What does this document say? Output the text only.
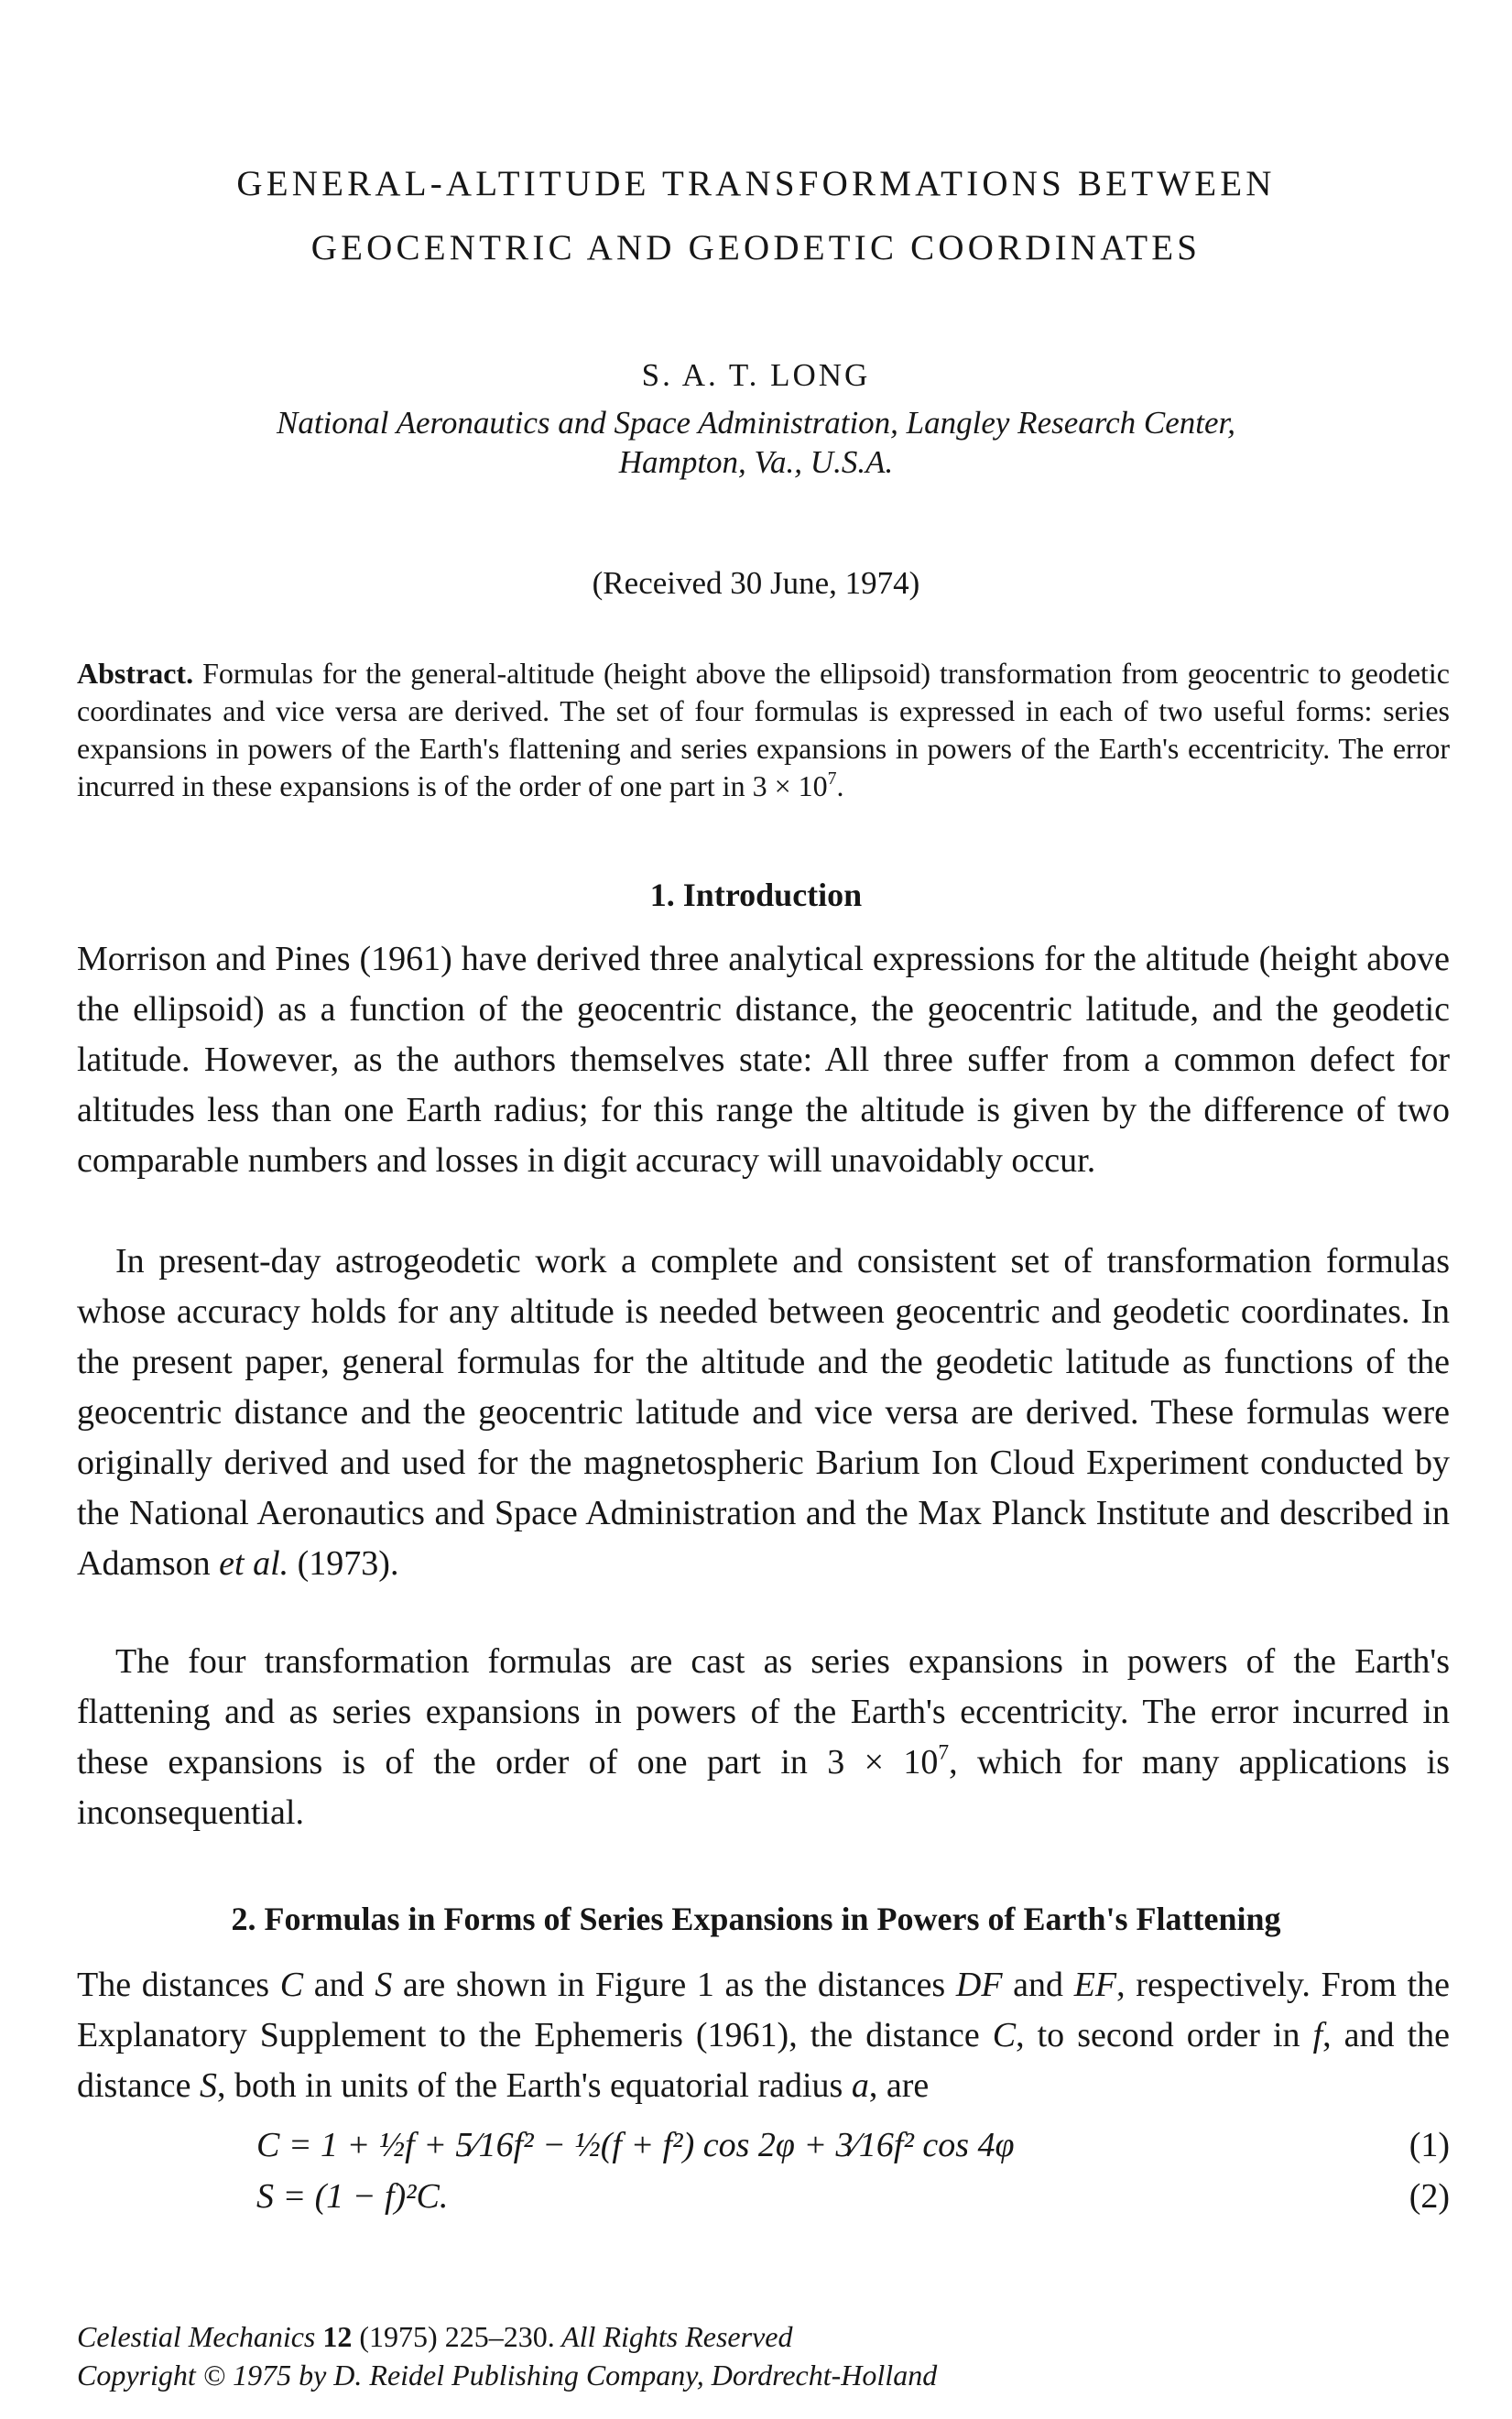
GENERAL-ALTITUDE TRANSFORMATIONS BETWEEN
GEOCENTRIC AND GEODETIC COORDINATES
S. A. T. LONG
National Aeronautics and Space Administration, Langley Research Center,
Hampton, Va., U.S.A.
(Received 30 June, 1974)

Abstract. Formulas for the general-altitude (height above the ellipsoid) transformation from geocentric to geodetic coordinates and vice versa are derived. The set of four formulas is expressed in each of two useful forms: series expansions in powers of the Earth's flattening and series expansions in powers of the Earth's eccentricity. The error incurred in these expansions is of the order of one part in $3 \times 10^7$.

1. Introduction

Morrison and Pines (1961) have derived three analytical expressions for the altitude (height above the ellipsoid) as a function of the geocentric distance, the geocentric latitude, and the geodetic latitude. However, as the authors themselves state: All three suffer from a common defect for altitudes less than one Earth radius; for this range the altitude is given by the difference of two comparable numbers and losses in digit accuracy will unavoidably occur.

In present-day astrogeodetic work a complete and consistent set of transformation formulas whose accuracy holds for any altitude is needed between geocentric and geodetic coordinates. In the present paper, general formulas for the altitude and the geodetic latitude as functions of the geocentric distance and the geocentric latitude and vice versa are derived. These formulas were originally derived and used for the magnetospheric Barium Ion Cloud Experiment conducted by the National Aeronautics and Space Administration and the Max Planck Institute and described in Adamson et al. (1973).

The four transformation formulas are cast as series expansions in powers of the Earth's flattening and as series expansions in powers of the Earth's eccentricity. The error incurred in these expansions is of the order of one part in $3 \times 10^7$, which for many applications is inconsequential.

2. Formulas in Forms of Series Expansions in Powers of Earth's Flattening

The distances C and S are shown in Figure 1 as the distances DF and EF, respectively. From the Explanatory Supplement to the Ephemeris (1961), the distance C, to second order in f, and the distance S, both in units of the Earth's equatorial radius a, are

C = 1 + ½f + 5⁄16f² − ½(f + f²) cos 2φ + 3⁄16f² cos 4φ	(1)
S = (1 − f)²C.	(2)
Celestial Mechanics 12 (1975) 225–230. All Rights Reserved
Copyright © 1975 by D. Reidel Publishing Company, Dordrecht-Holland
